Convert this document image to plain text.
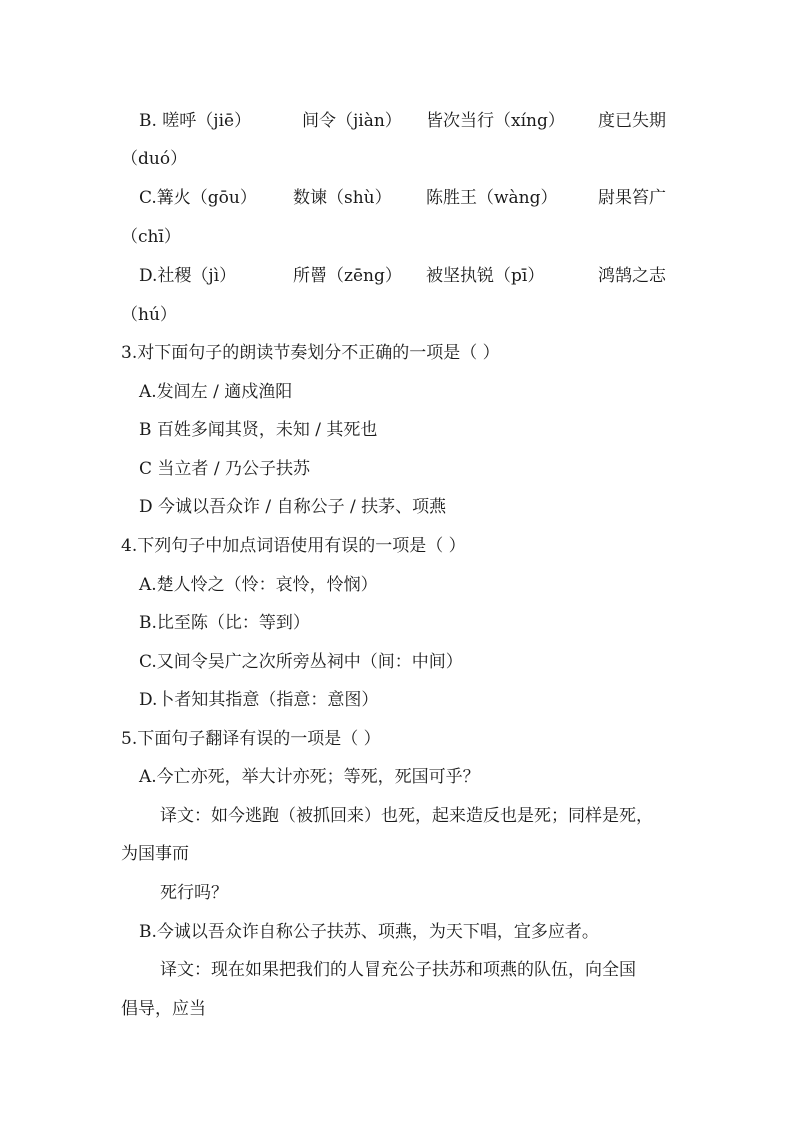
B. 嗟呼（jiē）	间令（jiàn） 皆次当行（xíng） 度已失期
（duó）
C.篝火（gōu） 数谏（shù） 陈胜王（wàng） 尉果笞广
（chī）
D.社稷（jì）	所罾（zēng） 被坚执锐（pī）	鸿鹄之志
（hú）
3.对下面句子的朗读节奏划分不正确的一项是（ ）
A.发闾左 / 適戍渔阳
B 百姓多闻其贤，未知 / 其死也
C 当立者 / 乃公子扶苏
D 今诚以吾众诈 / 自称公子 / 扶茅、项燕
4.下列句子中加点词语使用有误的一项是（ ）
A.楚人怜之（怜：哀怜，怜悯）
B.比至陈（比：等到）
C.又间令吴广之次所旁丛祠中（间：中间）
D.卜者知其指意（指意：意图）
5.下面句子翻译有误的一项是（ ）
A.今亡亦死，举大计亦死；等死，死国可乎？
译文：如今逃跑（被抓回来）也死，起来造反也是死；同样是死，
为国事而
死行吗？
B.今诚以吾众诈自称公子扶苏、项燕，为天下唱，宜多应者。
译文：现在如果把我们的人冒充公子扶苏和项燕的队伍，向全国
倡导，应当
